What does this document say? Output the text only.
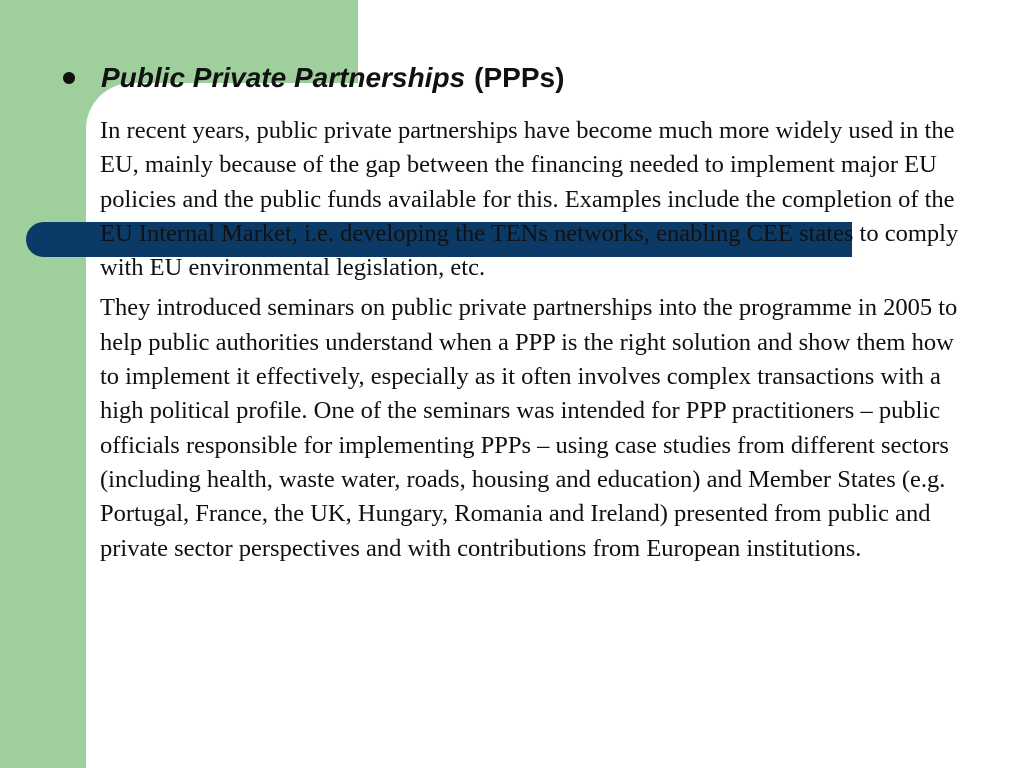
Public Private Partnerships (PPPs)

In recent years, public private partnerships have become much more widely used in the EU, mainly because of the gap between the financing needed to implement major EU policies and the public funds available for this. Examples include the completion of the EU Internal Market, i.e. developing the TENs networks, enabling CEE states to comply with EU environmental legislation, etc.

They introduced seminars on public private partnerships into the programme in 2005 to help public authorities understand when a PPP is the right solution and show them how to implement it effectively, especially as it often involves complex transactions with a high political profile. One of the seminars was intended for PPP practitioners – public officials responsible for implementing PPPs – using case studies from different sectors (including health, waste water, roads, housing and education) and Member States (e.g. Portugal, France, the UK, Hungary, Romania and Ireland) presented from public and private sector perspectives and with contributions from European institutions.
